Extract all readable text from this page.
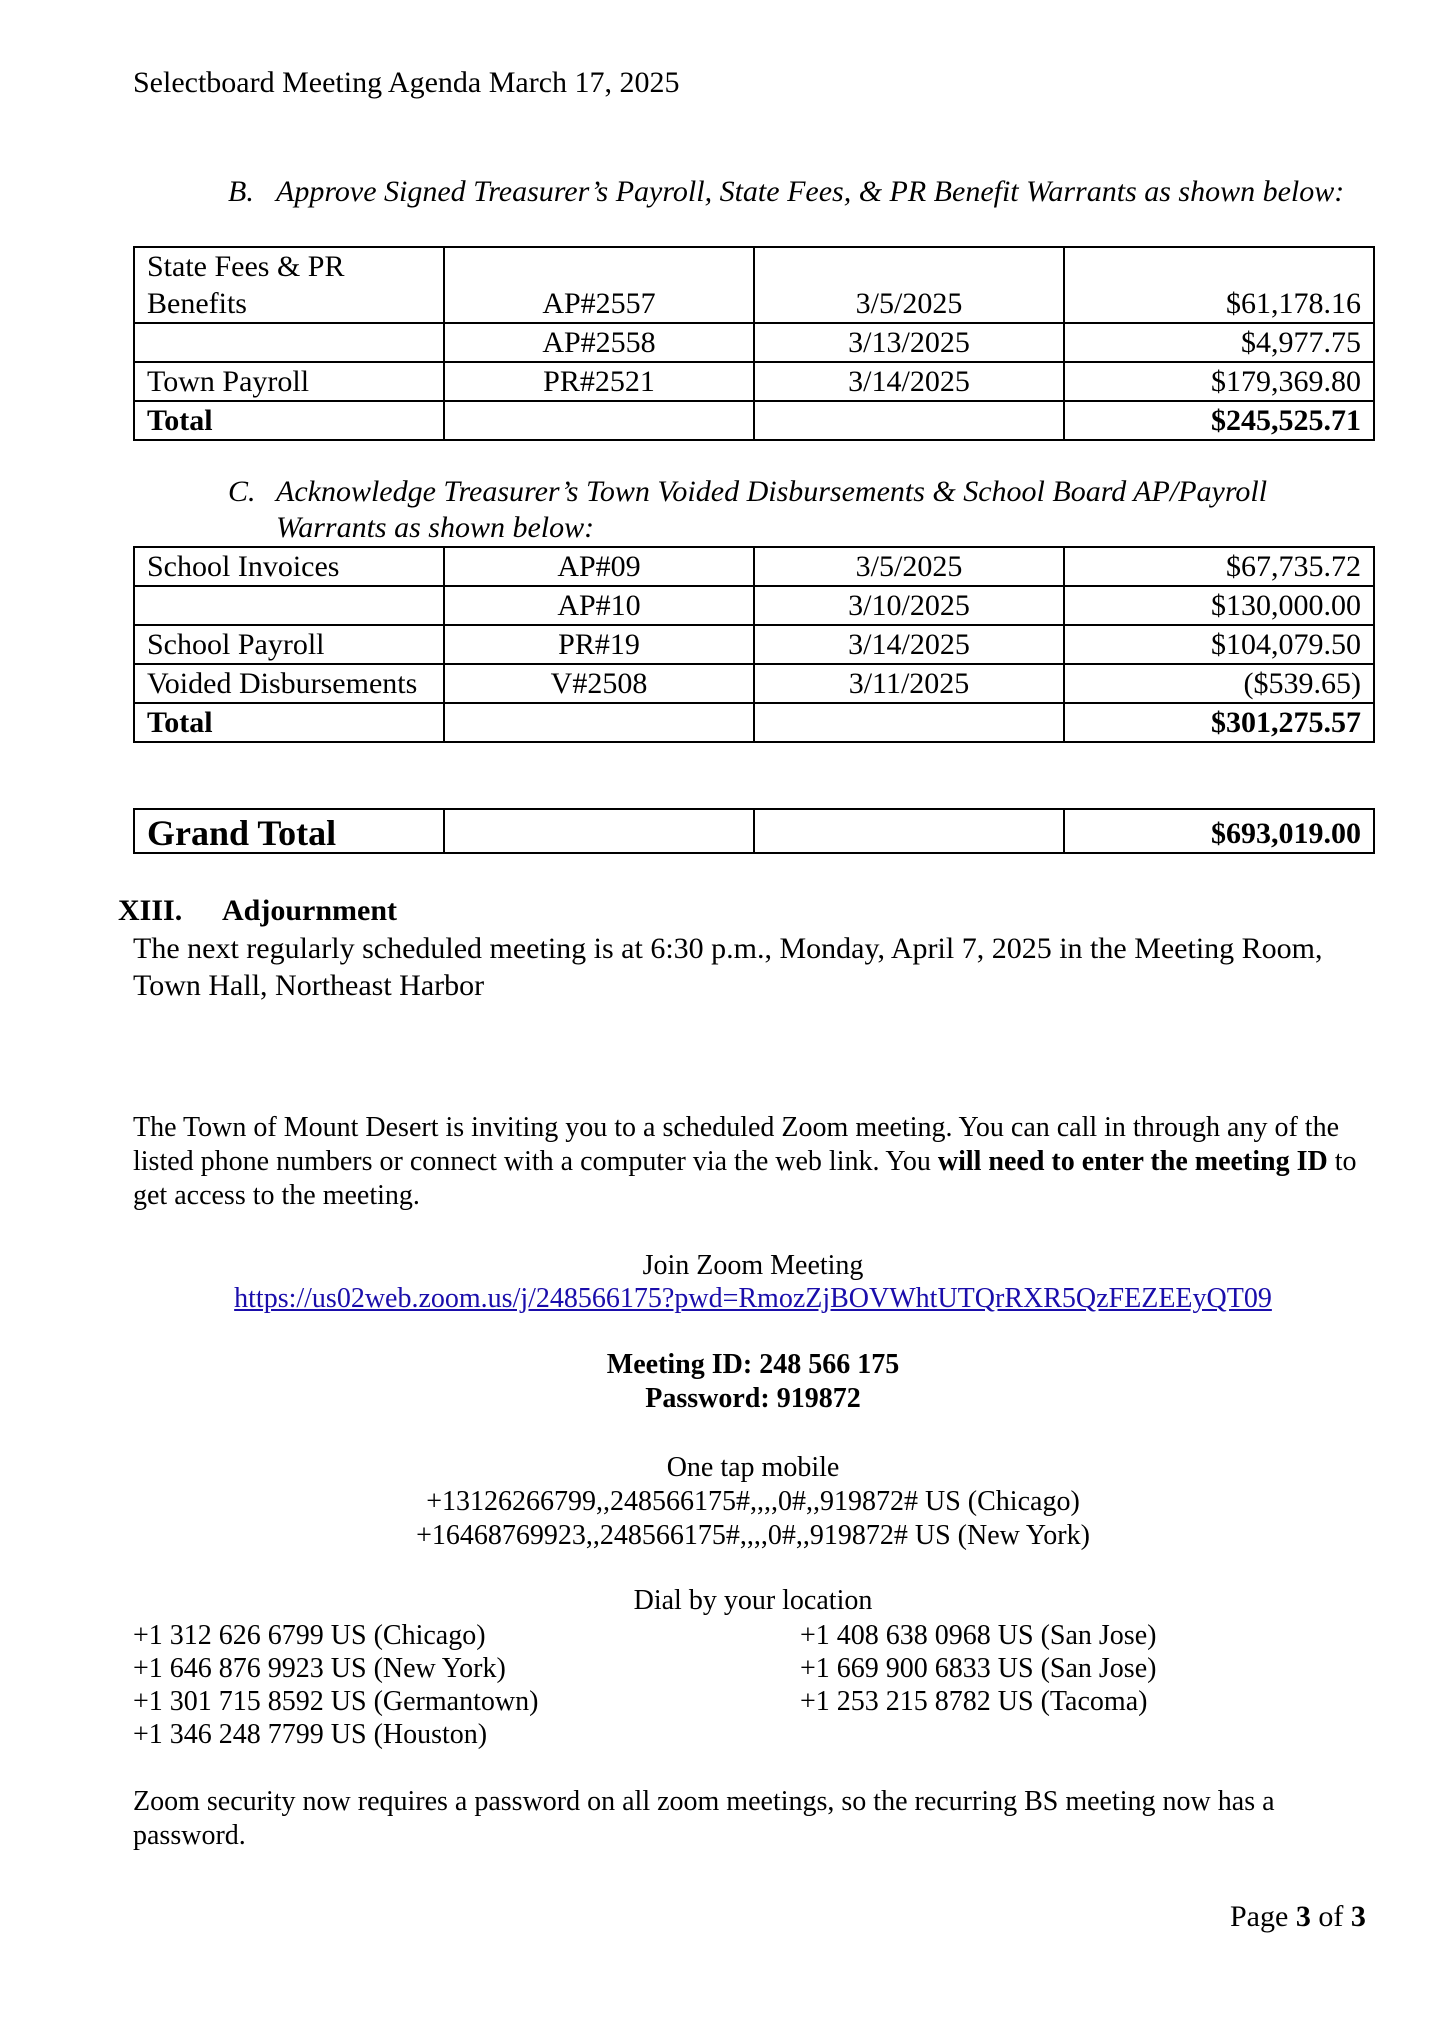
Selectboard Meeting Agenda March 17, 2025
B. Approve Signed Treasurer’s Payroll, State Fees, & PR Benefit Warrants as shown below:
State Fees & PR Benefits	AP#2557	3/5/2025	$61,178.16
	AP#2558	3/13/2025	$4,977.75
Town Payroll	PR#2521	3/14/2025	$179,369.80
Total			$245,525.71
C. Acknowledge Treasurer’s Town Voided Disbursements & School Board AP/Payroll Warrants as shown below:
School Invoices	AP#09	3/5/2025	$67,735.72
	AP#10	3/10/2025	$130,000.00
School Payroll	PR#19	3/14/2025	$104,079.50
Voided Disbursements	V#2508	3/11/2025	($539.65)
Total			$301,275.57
Grand Total			$693,019.00
XIII. Adjournment
The next regularly scheduled meeting is at 6:30 p.m., Monday, April 7, 2025 in the Meeting Room, Town Hall, Northeast Harbor
The Town of Mount Desert is inviting you to a scheduled Zoom meeting. You can call in through any of the listed phone numbers or connect with a computer via the web link. You will need to enter the meeting ID to get access to the meeting.
Join Zoom Meeting
https://us02web.zoom.us/j/248566175?pwd=RmozZjBOVWhtUTQrRXR5QzFEZEEyQT09
Meeting ID: 248 566 175
Password: 919872
One tap mobile
+13126266799,,248566175#,,,,0#,,919872# US (Chicago)
+16468769923,,248566175#,,,,0#,,919872# US (New York)
Dial by your location
+1 312 626 6799 US (Chicago)
+1 646 876 9923 US (New York)
+1 301 715 8592 US (Germantown)
+1 346 248 7799 US (Houston)
+1 408 638 0968 US (San Jose)
+1 669 900 6833 US (San Jose)
+1 253 215 8782 US (Tacoma)
Zoom security now requires a password on all zoom meetings, so the recurring BS meeting now has a password.
Page 3 of 3
